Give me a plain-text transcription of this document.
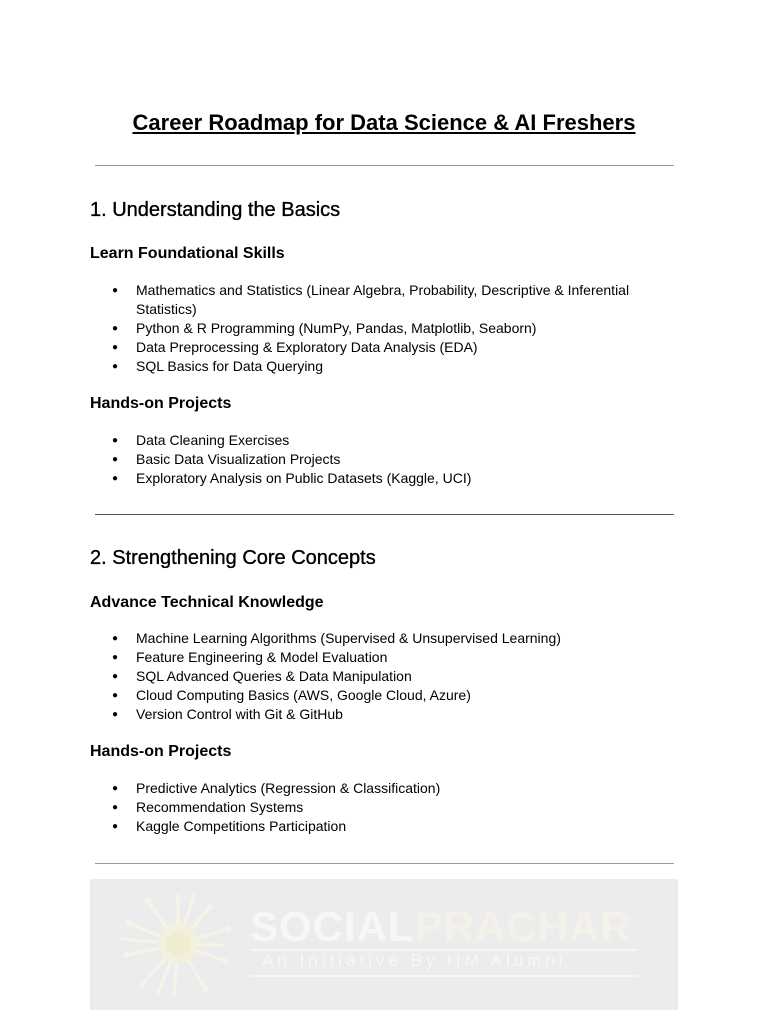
Career Roadmap for Data Science & AI Freshers
1. Understanding the Basics
Learn Foundational Skills
● Mathematics and Statistics (Linear Algebra, Probability, Descriptive & Inferential Statistics)
● Python & R Programming (NumPy, Pandas, Matplotlib, Seaborn)
● Data Preprocessing & Exploratory Data Analysis (EDA)
● SQL Basics for Data Querying
Hands-on Projects
● Data Cleaning Exercises
● Basic Data Visualization Projects
● Exploratory Analysis on Public Datasets (Kaggle, UCI)
2. Strengthening Core Concepts
Advance Technical Knowledge
● Machine Learning Algorithms (Supervised & Unsupervised Learning)
● Feature Engineering & Model Evaluation
● SQL Advanced Queries & Data Manipulation
● Cloud Computing Basics (AWS, Google Cloud, Azure)
● Version Control with Git & GitHub
Hands-on Projects
● Predictive Analytics (Regression & Classification)
● Recommendation Systems
● Kaggle Competitions Participation
SOCIALPRACHAR
An Initiative By IIM Alumni
